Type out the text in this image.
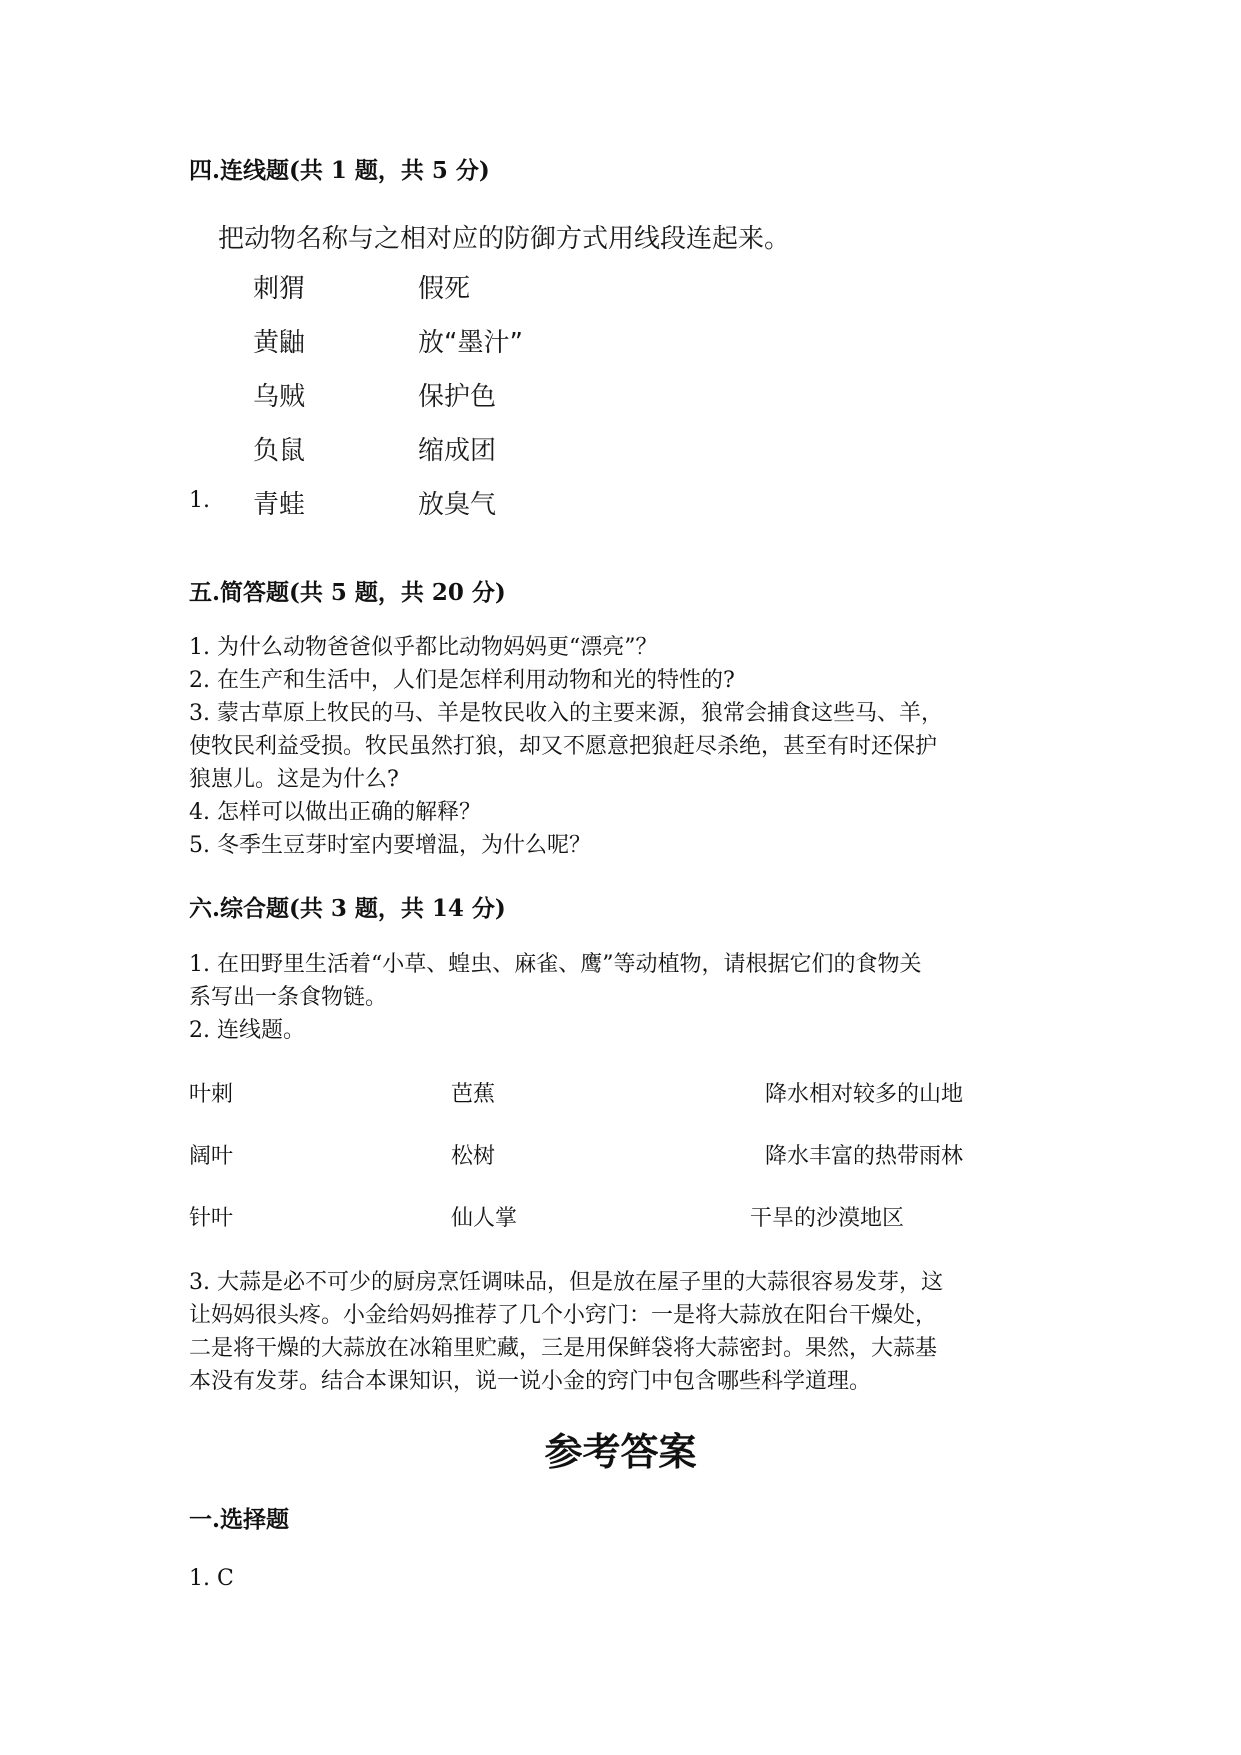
四.连线题(共 1 题，共 5 分)
把动物名称与之相对应的防御方式用线段连起来。
刺猬
黄鼬
乌贼
负鼠
青蛙
假死
放“墨汁”
保护色
缩成团
放臭气
1.
五.简答题(共 5 题，共 20 分)
1. 为什么动物爸爸似乎都比动物妈妈更“漂亮”？
2. 在生产和生活中，人们是怎样利用动物和光的特性的?
3. 蒙古草原上牧民的马、羊是牧民收入的主要来源，狼常会捕食这些马、羊，
使牧民利益受损。牧民虽然打狼，却又不愿意把狼赶尽杀绝，甚至有时还保护
狼崽儿。这是为什么?
4. 怎样可以做出正确的解释？
5. 冬季生豆芽时室内要增温，为什么呢？
六.综合题(共 3 题，共 14 分)
1. 在田野里生活着“小草、蝗虫、麻雀、鹰”等动植物，请根据它们的食物关
系写出一条食物链。
2. 连线题。
叶刺
阔叶
针叶
芭蕉
松树
仙人掌
降水相对较多的山地
降水丰富的热带雨林
干旱的沙漠地区
3. 大蒜是必不可少的厨房烹饪调味品，但是放在屋子里的大蒜很容易发芽，这
让妈妈很头疼。小金给妈妈推荐了几个小窍门：一是将大蒜放在阳台干燥处，
二是将干燥的大蒜放在冰箱里贮藏，三是用保鲜袋将大蒜密封。果然，大蒜基
本没有发芽。结合本课知识，说一说小金的窍门中包含哪些科学道理。
参考答案
一.选择题
1. C
